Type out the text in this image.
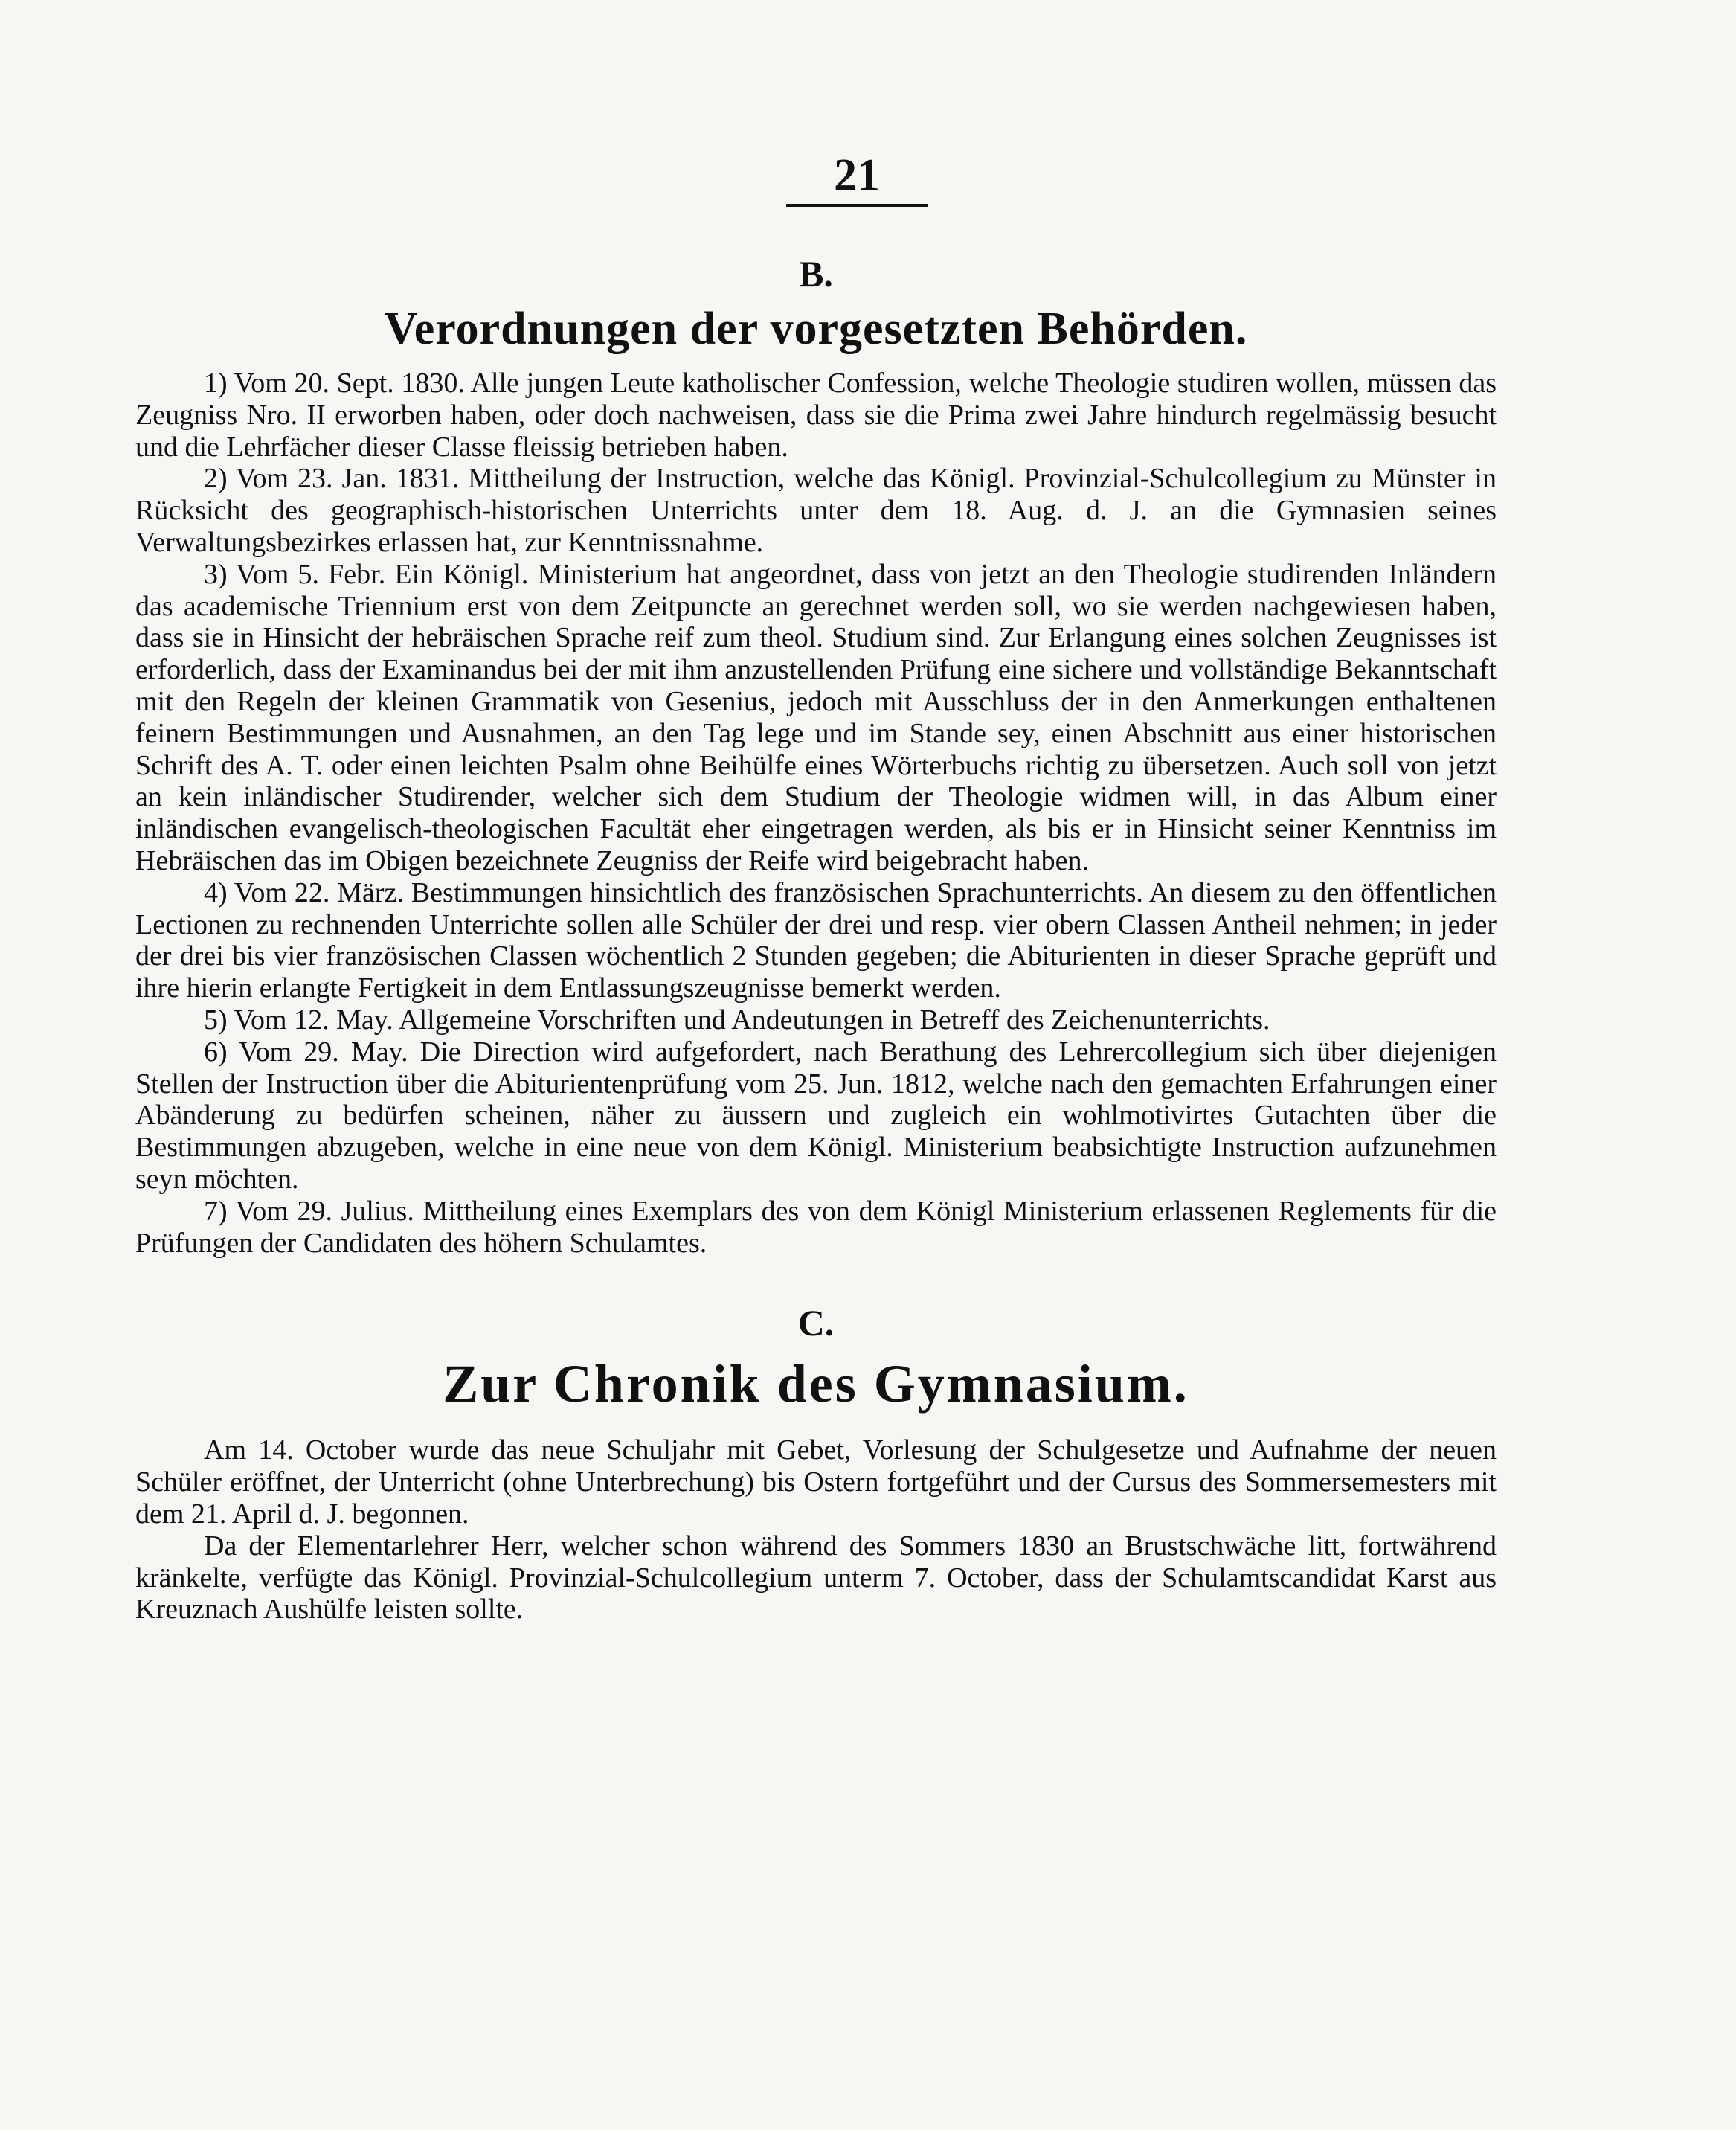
21
B.
Verordnungen der vorgesetzten Behörden.

1) Vom 20. Sept. 1830. Alle jungen Leute katholischer Confession, welche Theologie studiren wollen, müssen das Zeugniss Nro. II erworben haben, oder doch nachweisen, dass sie die Prima zwei Jahre hindurch regelmässig besucht und die Lehrfächer dieser Classe fleissig betrieben haben.

2) Vom 23. Jan. 1831. Mittheilung der Instruction, welche das Königl. Provinzial-Schulcollegium zu Münster in Rücksicht des geographisch-historischen Unterrichts unter dem 18. Aug. d. J. an die Gymnasien seines Verwaltungsbezirkes erlassen hat, zur Kenntnissnahme.

3) Vom 5. Febr. Ein Königl. Ministerium hat angeordnet, dass von jetzt an den Theologie studirenden Inländern das academische Triennium erst von dem Zeitpuncte an gerechnet werden soll, wo sie werden nachgewiesen haben, dass sie in Hinsicht der hebräischen Sprache reif zum theol. Studium sind. Zur Erlangung eines solchen Zeugnisses ist erforderlich, dass der Examinandus bei der mit ihm anzustellenden Prüfung eine sichere und vollständige Bekanntschaft mit den Regeln der kleinen Grammatik von Gesenius, jedoch mit Ausschluss der in den Anmerkungen enthaltenen feinern Bestimmungen und Ausnahmen, an den Tag lege und im Stande sey, einen Abschnitt aus einer historischen Schrift des A. T. oder einen leichten Psalm ohne Beihülfe eines Wörterbuchs richtig zu übersetzen. Auch soll von jetzt an kein inländischer Studirender, welcher sich dem Studium der Theologie widmen will, in das Album einer inländischen evangelisch-theologischen Facultät eher eingetragen werden, als bis er in Hinsicht seiner Kenntniss im Hebräischen das im Obigen bezeichnete Zeugniss der Reife wird beigebracht haben.

4) Vom 22. März. Bestimmungen hinsichtlich des französischen Sprachunterrichts. An diesem zu den öffentlichen Lectionen zu rechnenden Unterrichte sollen alle Schüler der drei und resp. vier obern Classen Antheil nehmen; in jeder der drei bis vier französischen Classen wöchentlich 2 Stunden gegeben; die Abiturienten in dieser Sprache geprüft und ihre hierin erlangte Fertigkeit in dem Entlassungszeugnisse bemerkt werden.

5) Vom 12. May. Allgemeine Vorschriften und Andeutungen in Betreff des Zeichenunterrichts.

6) Vom 29. May. Die Direction wird aufgefordert, nach Berathung des Lehrercollegium sich über diejenigen Stellen der Instruction über die Abiturientenprüfung vom 25. Jun. 1812, welche nach den gemachten Erfahrungen einer Abänderung zu bedürfen scheinen, näher zu äussern und zugleich ein wohlmotivirtes Gutachten über die Bestimmungen abzugeben, welche in eine neue von dem Königl. Ministerium beabsichtigte Instruction aufzunehmen seyn möchten.

7) Vom 29. Julius. Mittheilung eines Exemplars des von dem Königl Ministerium erlassenen Reglements für die Prüfungen der Candidaten des höhern Schulamtes.

C.
Zur Chronik des Gymnasium.

Am 14. October wurde das neue Schuljahr mit Gebet, Vorlesung der Schulgesetze und Aufnahme der neuen Schüler eröffnet, der Unterricht (ohne Unterbrechung) bis Ostern fortgeführt und der Cursus des Sommersemesters mit dem 21. April d. J. begonnen.

Da der Elementarlehrer Herr, welcher schon während des Sommers 1830 an Brustschwäche litt, fortwährend kränkelte, verfügte das Königl. Provinzial-Schulcollegium unterm 7. October, dass der Schulamtscandidat Karst aus Kreuznach Aushülfe leisten sollte.
